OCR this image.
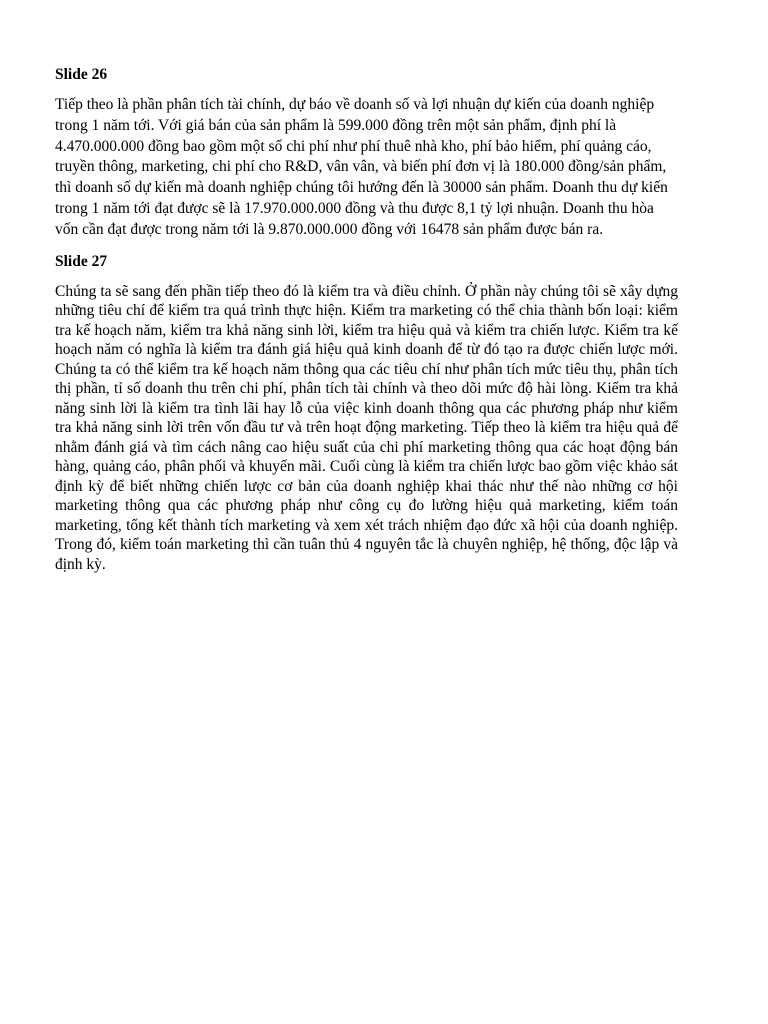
Slide 26

Tiếp theo là phần phân tích tài chính, dự báo về doanh số và lợi nhuận dự kiến của doanh nghiệp trong 1 năm tới. Với giá bán của sản phẩm là 599.000 đồng trên một sản phẩm, định phí là 4.470.000.000 đồng bao gồm một số chi phí như phí thuê nhà kho, phí bảo hiểm, phí quảng cáo, truyền thông, marketing, chi phí cho R&D, vân vân, và biến phí đơn vị là 180.000 đồng/sản phẩm, thì doanh số dự kiến mà doanh nghiệp chúng tôi hướng đến là 30000 sản phẩm. Doanh thu dự kiến trong 1 năm tới đạt được sẽ là 17.970.000.000 đồng và thu được 8,1 tỷ lợi nhuận. Doanh thu hòa vốn cần đạt được trong năm tới là 9.870.000.000 đồng với 16478 sản phẩm được bán ra.

Slide 27

Chúng ta sẽ sang đến phần tiếp theo đó là kiểm tra và điều chỉnh. Ở phần này chúng tôi sẽ xây dựng những tiêu chí để kiểm tra quá trình thực hiện. Kiểm tra marketing có thể chia thành bốn loại: kiểm tra kế hoạch năm, kiểm tra khả năng sinh lời, kiểm tra hiệu quả và kiểm tra chiến lược. Kiểm tra kế hoạch năm có nghĩa là kiểm tra đánh giá hiệu quả kinh doanh để từ đó tạo ra được chiến lược mới. Chúng ta có thể kiểm tra kế hoạch năm thông qua các tiêu chí như phân tích mức tiêu thụ, phân tích thị phần, tỉ số doanh thu trên chi phí, phân tích tài chính và theo dõi mức độ hài lòng. Kiểm tra khả năng sinh lời là kiểm tra tình lãi hay lỗ của việc kinh doanh thông qua các phương pháp như kiểm tra khả năng sinh lời trên vốn đầu tư và trên hoạt động marketing. Tiếp theo là kiểm tra hiệu quả để nhằm đánh giá và tìm cách nâng cao hiệu suất của chi phí marketing thông qua các hoạt động bán hàng, quảng cáo, phân phối và khuyến mãi. Cuối cùng là kiểm tra chiến lược bao gồm việc khảo sát định kỳ để biết những chiến lược cơ bản của doanh nghiệp khai thác như thế nào những cơ hội marketing thông qua các phương pháp như công cụ đo lường hiệu quả marketing, kiểm toán marketing, tổng kết thành tích marketing và xem xét trách nhiệm đạo đức xã hội của doanh nghiệp. Trong đó, kiểm toán marketing thì cần tuân thủ 4 nguyên tắc là chuyên nghiệp, hệ thống, độc lập và định kỳ.
